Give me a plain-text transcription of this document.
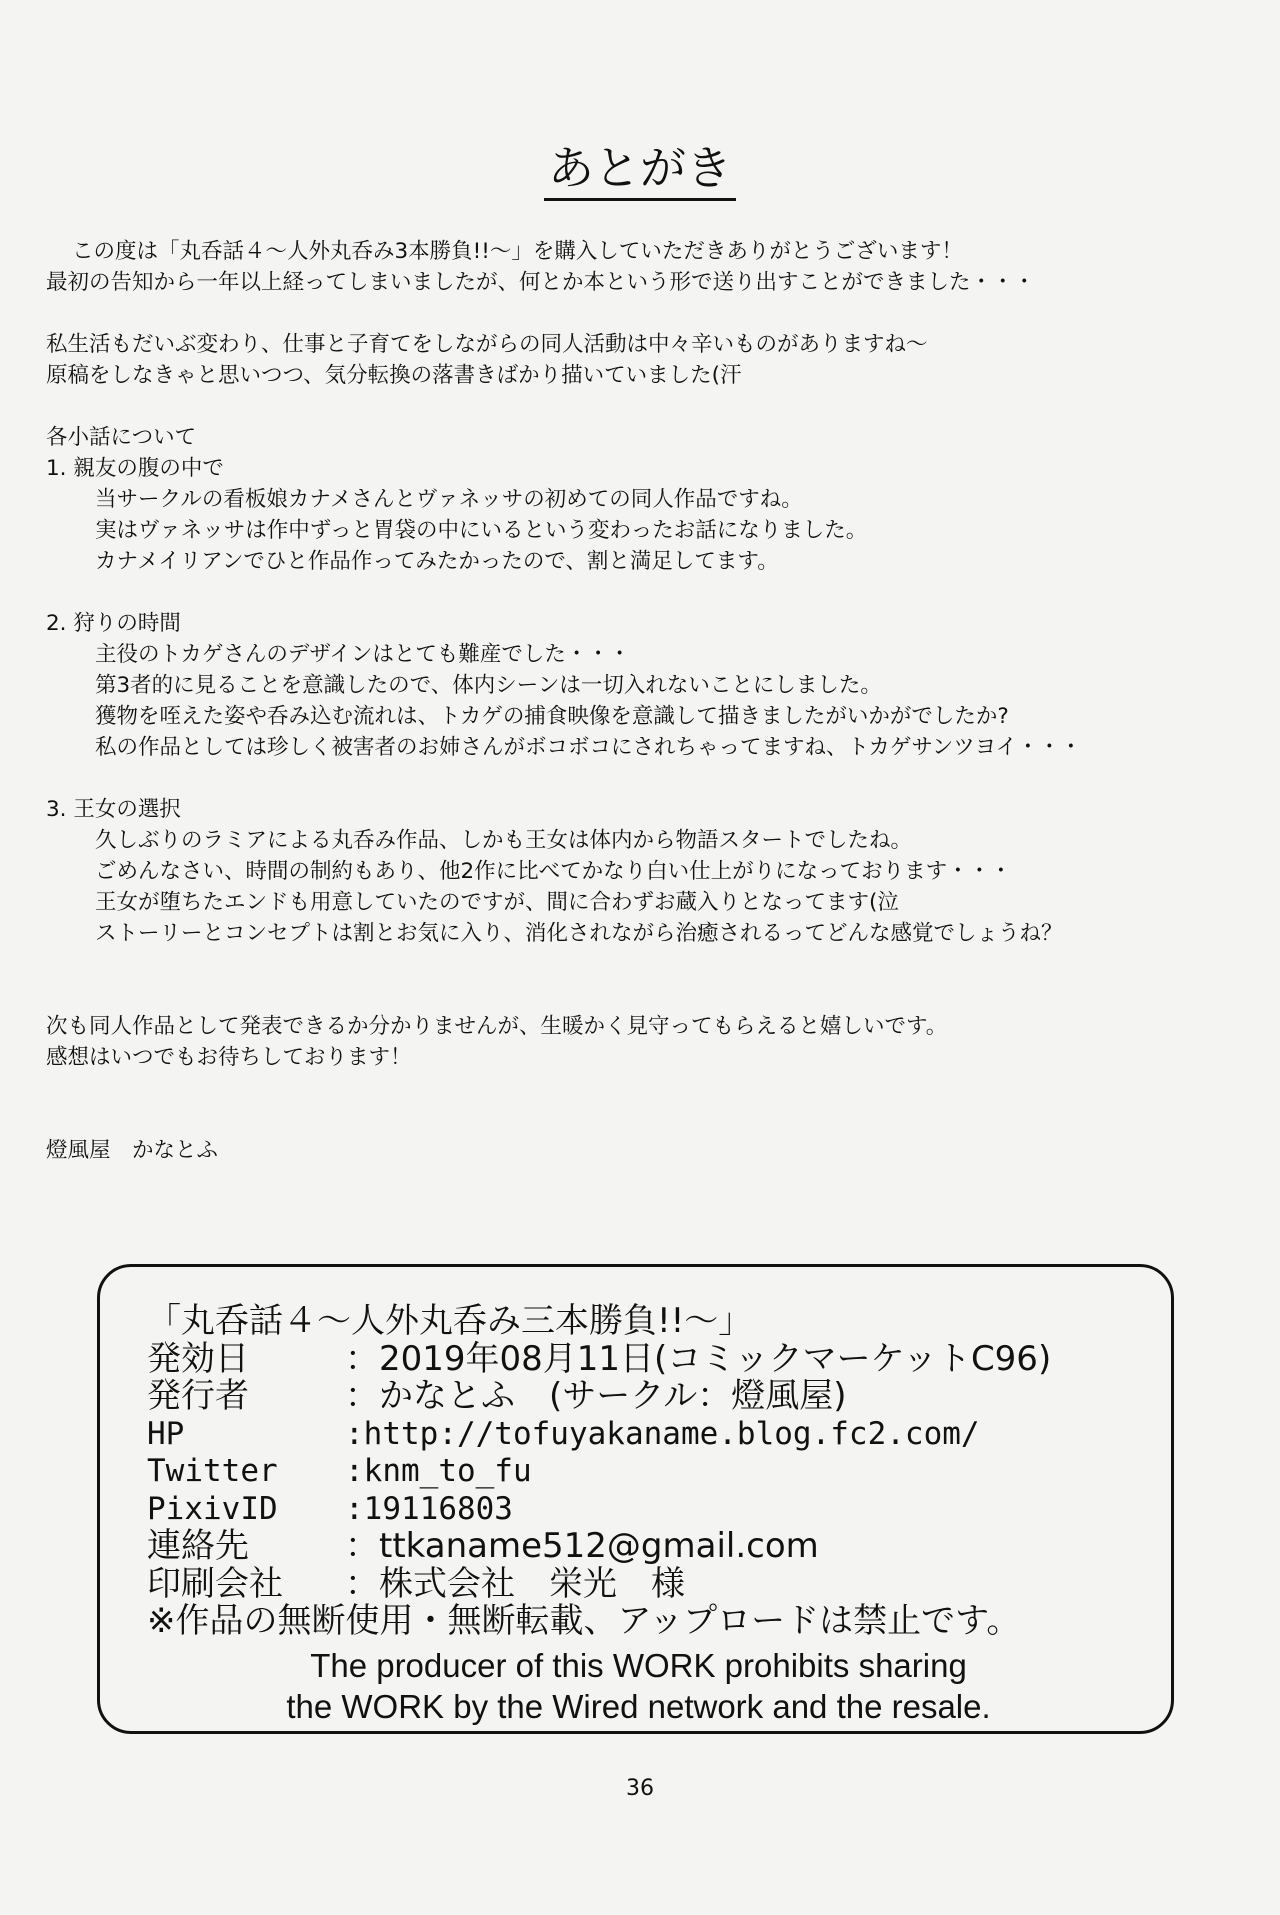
あとがき
この度は「丸呑話４～人外丸呑み3本勝負!!～」を購入していただきありがとうございます！
最初の告知から一年以上経ってしまいましたが、何とか本という形で送り出すことができました・・・
私生活もだいぶ変わり、仕事と子育てをしながらの同人活動は中々辛いものがありますね～
原稿をしなきゃと思いつつ、気分転換の落書きばかり描いていました(汗
各小話について
1. 親友の腹の中で
当サークルの看板娘カナメさんとヴァネッサの初めての同人作品ですね。
実はヴァネッサは作中ずっと胃袋の中にいるという変わったお話になりました。
カナメイリアンでひと作品作ってみたかったので、割と満足してます。
2. 狩りの時間
主役のトカゲさんのデザインはとても難産でした・・・
第3者的に見ることを意識したので、体内シーンは一切入れないことにしました。
獲物を咥えた姿や呑み込む流れは、トカゲの捕食映像を意識して描きましたがいかがでしたか?
私の作品としては珍しく被害者のお姉さんがボコボコにされちゃってますね、トカゲサンツヨイ・・・
3. 王女の選択
久しぶりのラミアによる丸呑み作品、しかも王女は体内から物語スタートでしたね。
ごめんなさい、時間の制約もあり、他2作に比べてかなり白い仕上がりになっております・・・
王女が堕ちたエンドも用意していたのですが、間に合わずお蔵入りとなってます(泣
ストーリーとコンセプトは割とお気に入り、消化されながら治癒されるってどんな感覚でしょうね？
次も同人作品として発表できるか分かりませんが、生暖かく見守ってもらえると嬉しいです。
感想はいつでもお待ちしております！
燈風屋　かなとふ
「丸呑話４～人外丸呑み三本勝負!!～」
発効日	：2019年08月11日(コミックマーケットC96)
発行者	：かなとふ　(サークル：燈風屋)
HP	:http://tofuyakaname.blog.fc2.com/
Twitter	:knm_to_fu
PixivID	:19116803
連絡先	：ttkaname512@gmail.com
印刷会社	：株式会社　栄光　様
※作品の無断使用・無断転載、アップロードは禁止です。
The producer of this WORK prohibits sharing
the WORK by the Wired network and the resale.
36
